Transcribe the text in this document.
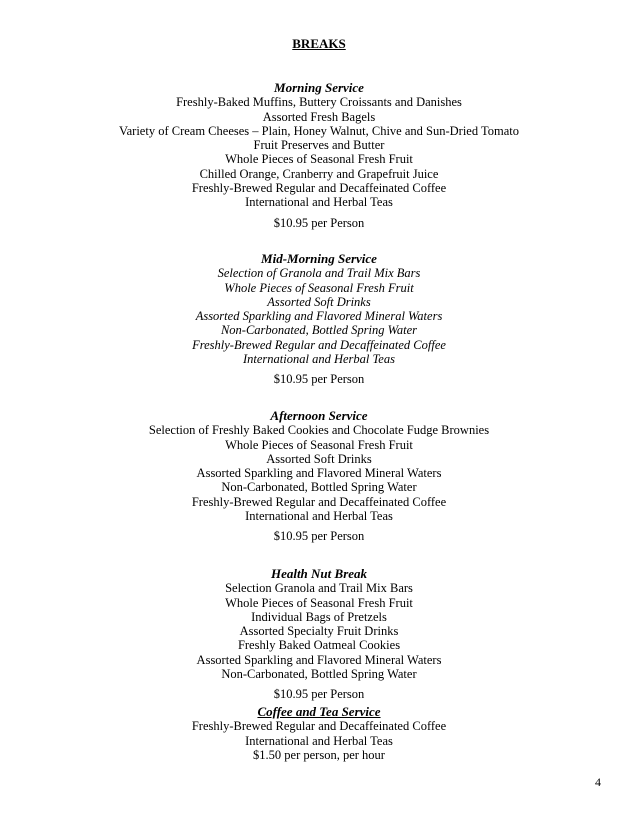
BREAKS
Morning Service
Freshly-Baked Muffins, Buttery Croissants and Danishes
Assorted Fresh Bagels
Variety of Cream Cheeses – Plain, Honey Walnut, Chive and Sun-Dried Tomato
Fruit Preserves and Butter
Whole Pieces of Seasonal Fresh Fruit
Chilled Orange, Cranberry and Grapefruit Juice
Freshly-Brewed Regular and Decaffeinated Coffee
International and Herbal Teas
$10.95 per Person
Mid-Morning Service
Selection of Granola and Trail Mix Bars
Whole Pieces of Seasonal Fresh Fruit
Assorted Soft Drinks
Assorted Sparkling and Flavored Mineral Waters
Non-Carbonated, Bottled Spring Water
Freshly-Brewed Regular and Decaffeinated Coffee
International and Herbal Teas
$10.95 per Person
Afternoon Service
Selection of Freshly Baked Cookies and Chocolate Fudge Brownies
Whole Pieces of Seasonal Fresh Fruit
Assorted Soft Drinks
Assorted Sparkling and Flavored Mineral Waters
Non-Carbonated, Bottled Spring Water
Freshly-Brewed Regular and Decaffeinated Coffee
International and Herbal Teas
$10.95 per Person
Health Nut Break
Selection Granola and Trail Mix Bars
Whole Pieces of Seasonal Fresh Fruit
Individual Bags of Pretzels
Assorted Specialty Fruit Drinks
Freshly Baked Oatmeal Cookies
Assorted Sparkling and Flavored Mineral Waters
Non-Carbonated, Bottled Spring Water
$10.95 per Person
Coffee and Tea Service
Freshly-Brewed Regular and Decaffeinated Coffee
International and Herbal Teas
$1.50 per person, per hour
4
